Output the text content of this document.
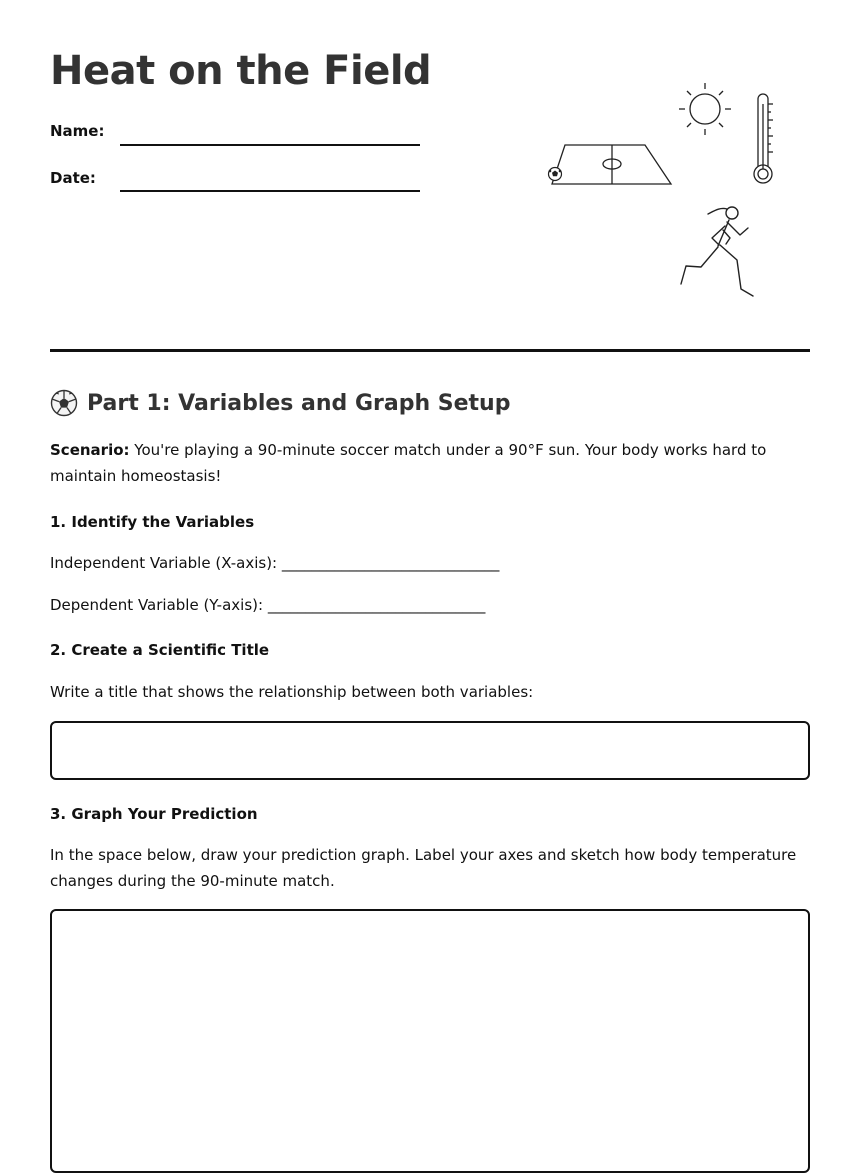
Heat on the Field
Name:
Date:
Part 1: Variables and Graph Setup

Scenario: You're playing a 90-minute soccer match under a 90°F sun. Your body works hard to maintain homeostasis!

1. Identify the Variables

Independent Variable (X-axis): _____________________________

Dependent Variable (Y-axis): _____________________________

2. Create a Scientific Title

Write a title that shows the relationship between both variables:

3. Graph Your Prediction

In the space below, draw your prediction graph. Label your axes and sketch how body temperature changes during the 90-minute match.
